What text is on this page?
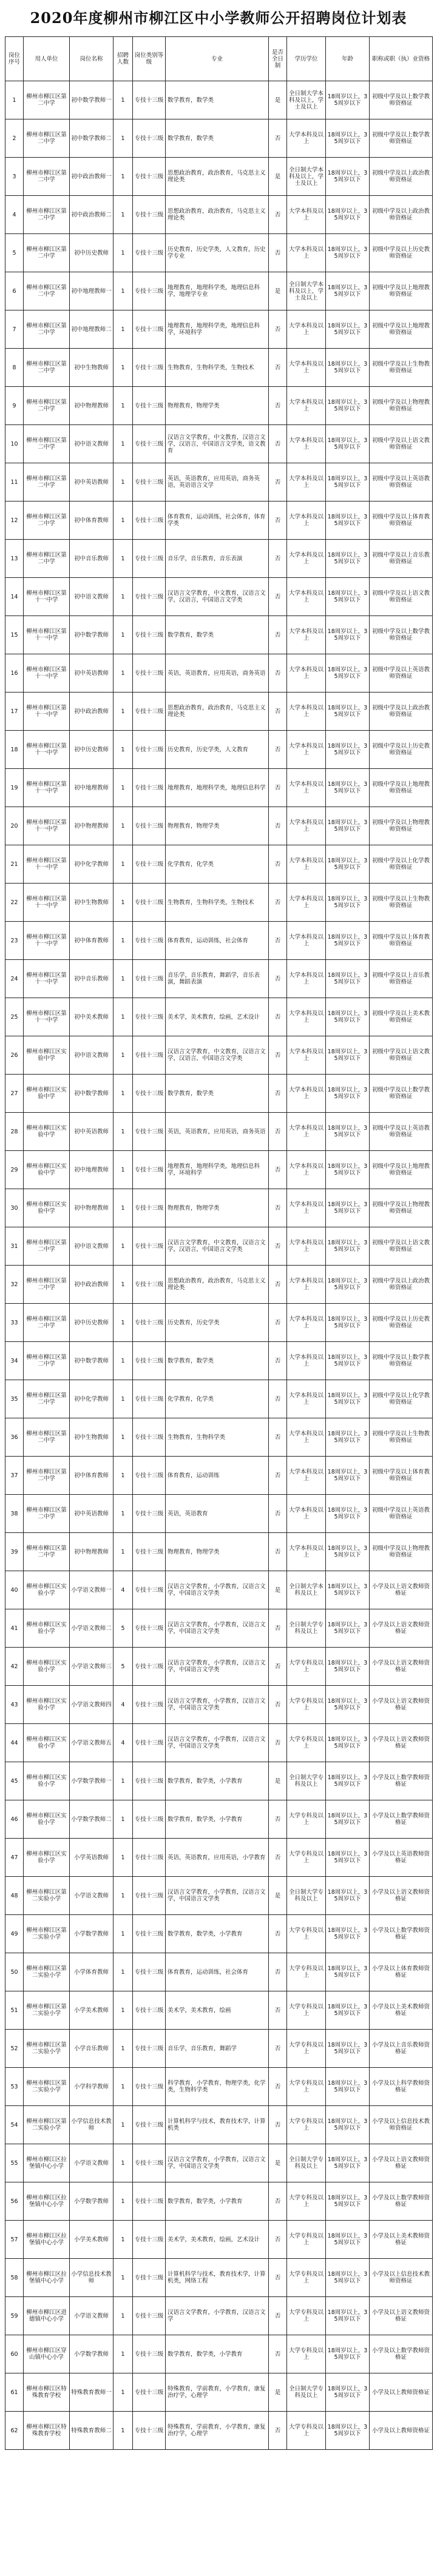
2020年度柳州市柳江区中小学教师公开招聘岗位计划表
岗位序号	用人单位	岗位名称	招聘人数	岗位类别等级	专业	是否全日制	学历学位	年龄	职称或职（执）业资格
1	柳州市柳江区第二中学	初中数学教师一	1	专技十三级	数学教育，数学类	是	全日制大学本科及以上，学士及以上	18周岁以上，35周岁以下	初级中学及以上数学教师资格证
2	柳州市柳江区第二中学	初中数学教师二	1	专技十三级	数学教育，数学类	否	大学本科及以上	18周岁以上，35周岁以下	初级中学及以上数学教师资格证
3	柳州市柳江区第二中学	初中政治教师一	1	专技十三级	思想政治教育，政治教育，马克思主义理论类	是	全日制大学本科及以上，学士及以上	18周岁以上，35周岁以下	初级中学及以上政治教师资格证
4	柳州市柳江区第二中学	初中政治教师二	1	专技十三级	思想政治教育，政治教育，马克思主义理论类	否	大学本科及以上	18周岁以上，35周岁以下	初级中学及以上政治教师资格证
5	柳州市柳江区第二中学	初中历史教师	1	专技十三级	历史教育，历史学类，人文教育，历史学专业	否	大学本科及以上	18周岁以上，35周岁以下	初级中学及以上历史教师资格证
6	柳州市柳江区第二中学	初中地理教师一	1	专技十三级	地理教育，地理科学类，地理信息科学，地理学专业	是	全日制大学本科及以上，学士及以上	18周岁以上，35周岁以下	初级中学及以上地理教师资格证
7	柳州市柳江区第二中学	初中地理教师二	1	专技十三级	地理教育，地理科学类，地理信息科学，环境科学	否	大学本科及以上	18周岁以上，35周岁以下	初级中学及以上地理教师资格证
8	柳州市柳江区第二中学	初中生物教师	1	专技十三级	生物教育，生物科学类，生物技术	否	大学本科及以上	18周岁以上，35周岁以下	初级中学及以上生物教师资格证
9	柳州市柳江区第二中学	初中物理教师	1	专技十三级	物理教育，物理学类	否	大学本科及以上	18周岁以上，35周岁以下	初级中学及以上物理教师资格证
10	柳州市柳江区第二中学	初中语文教师	1	专技十三级	汉语言文学教育，中文教育，汉语言文学，汉语言，中国语言文学类，语文教育	否	大学本科及以上	18周岁以上，35周岁以下	初级中学及以上语文教师资格证
11	柳州市柳江区第二中学	初中英语教师	1	专技十三级	英语，英语教育，应用英语，商务英语，英语语言文学	否	大学本科及以上	18周岁以上，35周岁以下	初级中学及以上英语教师资格证
12	柳州市柳江区第二中学	初中体育教师	1	专技十三级	体育教育，运动训练，社会体育，体育学类	否	大学本科及以上	18周岁以上，35周岁以下	初级中学及以上体育教师资格证
13	柳州市柳江区第二中学	初中音乐教师	1	专技十三级	音乐学，音乐教育，音乐表演	否	大学本科及以上	18周岁以上，35周岁以下	初级中学及以上音乐教师资格证
14	柳州市柳江区第十一中学	初中语文教师	1	专技十三级	汉语言文学教育，中文教育，汉语言文学，汉语言，中国语言文学类	否	大学本科及以上	18周岁以上，35周岁以下	初级中学及以上语文教师资格证
15	柳州市柳江区第十一中学	初中数学教师	1	专技十三级	数学教育，数学类	否	大学本科及以上	18周岁以上，35周岁以下	初级中学及以上数学教师资格证
16	柳州市柳江区第十一中学	初中英语教师	1	专技十三级	英语，英语教育，应用英语，商务英语	否	大学本科及以上	18周岁以上，35周岁以下	初级中学及以上英语教师资格证
17	柳州市柳江区第十一中学	初中政治教师	1	专技十三级	思想政治教育，政治教育，马克思主义理论类	否	大学本科及以上	18周岁以上，35周岁以下	初级中学及以上政治教师资格证
18	柳州市柳江区第十一中学	初中历史教师	1	专技十三级	历史教育，历史学类，人文教育	否	大学本科及以上	18周岁以上，35周岁以下	初级中学及以上历史教师资格证
19	柳州市柳江区第十一中学	初中地理教师	1	专技十三级	地理教育，地理科学类，地理信息科学	否	大学本科及以上	18周岁以上，35周岁以下	初级中学及以上地理教师资格证
20	柳州市柳江区第十一中学	初中物理教师	1	专技十三级	物理教育，物理学类	否	大学本科及以上	18周岁以上，35周岁以下	初级中学及以上物理教师资格证
21	柳州市柳江区第十一中学	初中化学教师	1	专技十三级	化学教育，化学类	否	大学本科及以上	18周岁以上，35周岁以下	初级中学及以上化学教师资格证
22	柳州市柳江区第十一中学	初中生物教师	1	专技十三级	生物教育，生物科学类，生物技术	否	大学本科及以上	18周岁以上，35周岁以下	初级中学及以上生物教师资格证
23	柳州市柳江区第十一中学	初中体育教师	1	专技十三级	体育教育，运动训练，社会体育	否	大学本科及以上	18周岁以上，35周岁以下	初级中学及以上体育教师资格证
24	柳州市柳江区第十一中学	初中音乐教师	1	专技十三级	音乐学，音乐教育，舞蹈学，音乐表演，舞蹈表演	否	大学本科及以上	18周岁以上，35周岁以下	初级中学及以上音乐教师资格证
25	柳州市柳江区第十一中学	初中美术教师	1	专技十三级	美术学，美术教育，绘画，艺术设计	否	大学本科及以上	18周岁以上，35周岁以下	初级中学及以上美术教师资格证
26	柳州市柳江区实验中学	初中语文教师	1	专技十三级	汉语言文学教育，中文教育，汉语言文学，汉语言，中国语言文学类	否	大学本科及以上	18周岁以上，35周岁以下	初级中学及以上语文教师资格证
27	柳州市柳江区实验中学	初中数学教师	1	专技十三级	数学教育，数学类	否	大学本科及以上	18周岁以上，35周岁以下	初级中学及以上数学教师资格证
28	柳州市柳江区实验中学	初中英语教师	1	专技十三级	英语，英语教育，应用英语，商务英语	否	大学本科及以上	18周岁以上，35周岁以下	初级中学及以上英语教师资格证
29	柳州市柳江区实验中学	初中地理教师	1	专技十三级	地理教育，地理科学类，地理信息科学，环境科学	否	大学本科及以上	18周岁以上，35周岁以下	初级中学及以上地理教师资格证
30	柳州市柳江区实验中学	初中物理教师	1	专技十三级	物理教育，物理学类	否	大学本科及以上	18周岁以上，35周岁以下	初级中学及以上物理教师资格证
31	柳州市柳江区第二中学	初中语文教师	1	专技十三级	汉语言文学教育，中文教育，汉语言文学，汉语言，中国语言文学类	否	大学本科及以上	18周岁以上，35周岁以下	初级中学及以上语文教师资格证
32	柳州市柳江区第二中学	初中政治教师	1	专技十三级	思想政治教育，政治教育，马克思主义理论类	否	大学本科及以上	18周岁以上，35周岁以下	初级中学及以上政治教师资格证
33	柳州市柳江区第二中学	初中历史教师	1	专技十三级	历史教育，历史学类	否	大学本科及以上	18周岁以上，35周岁以下	初级中学及以上历史教师资格证
34	柳州市柳江区第二中学	初中数学教师	1	专技十三级	数学教育，数学类	否	大学本科及以上	18周岁以上，35周岁以下	初级中学及以上数学教师资格证
35	柳州市柳江区第二中学	初中化学教师	1	专技十三级	化学教育，化学类	否	大学本科及以上	18周岁以上，35周岁以下	初级中学及以上化学教师资格证
36	柳州市柳江区第二中学	初中生物教师	1	专技十三级	生物教育，生物科学类	否	大学本科及以上	18周岁以上，35周岁以下	初级中学及以上生物教师资格证
37	柳州市柳江区第二中学	初中体育教师	1	专技十三级	体育教育，运动训练	否	大学本科及以上	18周岁以上，35周岁以下	初级中学及以上体育教师资格证
38	柳州市柳江区第二中学	初中英语教师	1	专技十三级	英语，英语教育	否	大学本科及以上	18周岁以上，35周岁以下	初级中学及以上英语教师资格证
39	柳州市柳江区第二中学	初中物理教师	1	专技十三级	物理教育，物理学类	否	大学本科及以上	18周岁以上，35周岁以下	初级中学及以上物理教师资格证
40	柳州市柳江区实验小学	小学语文教师一	4	专技十三级	汉语言文学教育，小学教育，汉语言文学，中国语言文学类	是	全日制大学本科及以上	18周岁以上，35周岁以下	小学及以上语文教师资格证
41	柳州市柳江区实验小学	小学语文教师二	5	专技十三级	汉语言文学教育，小学教育，汉语言文学，中国语言文学类	否	全日制大学专科及以上	18周岁以上，35周岁以下	小学及以上语文教师资格证
42	柳州市柳江区实验小学	小学语文教师三	5	专技十三级	汉语言文学教育，小学教育，汉语言文学，中国语言文学类	否	大学专科及以上	18周岁以上，35周岁以下	小学及以上语文教师资格证
43	柳州市柳江区实验小学	小学语文教师四	4	专技十三级	汉语言文学教育，小学教育，汉语言文学，中国语言文学类	否	大学专科及以上	18周岁以上，35周岁以下	小学及以上语文教师资格证
44	柳州市柳江区实验小学	小学语文教师五	4	专技十三级	汉语言文学教育，小学教育，汉语言文学，中国语言文学类	否	大学专科及以上	18周岁以上，35周岁以下	小学及以上语文教师资格证
45	柳州市柳江区实验小学	小学数学教师一	1	专技十三级	数学教育，数学类，小学教育	是	全日制大学专科及以上	18周岁以上，35周岁以下	小学及以上数学教师资格证
46	柳州市柳江区实验小学	小学数学教师二	1	专技十三级	数学教育，数学类，小学教育	否	大学专科及以上	18周岁以上，35周岁以下	小学及以上数学教师资格证
47	柳州市柳江区实验小学	小学英语教师	1	专技十三级	英语，英语教育，应用英语，小学教育	否	大学专科及以上	18周岁以上，35周岁以下	小学及以上英语教师资格证
48	柳州市柳江区第二实验小学	小学语文教师	1	专技十三级	汉语言文学教育，小学教育，汉语言文学，中国语言文学类	是	全日制大学专科及以上	18周岁以上，35周岁以下	小学及以上语文教师资格证
49	柳州市柳江区第二实验小学	小学数学教师	1	专技十三级	数学教育，数学类，小学教育	否	大学专科及以上	18周岁以上，35周岁以下	小学及以上数学教师资格证
50	柳州市柳江区第二实验小学	小学体育教师	1	专技十三级	体育教育，运动训练，社会体育	否	大学专科及以上	18周岁以上，35周岁以下	小学及以上体育教师资格证
51	柳州市柳江区第二实验小学	小学美术教师	1	专技十三级	美术学，美术教育，绘画	否	大学专科及以上	18周岁以上，35周岁以下	小学及以上美术教师资格证
52	柳州市柳江区第二实验小学	小学音乐教师	1	专技十三级	音乐学，音乐教育，舞蹈学	否	大学专科及以上	18周岁以上，35周岁以下	小学及以上音乐教师资格证
53	柳州市柳江区第二实验小学	小学科学教师	1	专技十三级	科学教育，小学教育，物理学类，化学类，生物科学类	否	大学专科及以上	18周岁以上，35周岁以下	小学及以上科学教师资格证
54	柳州市柳江区第二实验小学	小学信息技术教师	1	专技十三级	计算机科学与技术，教育技术学，计算机类	否	大学专科及以上	18周岁以上，35周岁以下	小学及以上信息技术教师资格证
55	柳州市柳江区拉堡镇中心小学	小学语文教师	1	专技十三级	汉语言文学教育，小学教育，汉语言文学，中国语言文学类	是	全日制大学专科及以上	18周岁以上，35周岁以下	小学及以上语文教师资格证
56	柳州市柳江区拉堡镇中心小学	小学数学教师	1	专技十三级	数学教育，数学类，小学教育	否	大学专科及以上	18周岁以上，35周岁以下	小学及以上数学教师资格证
57	柳州市柳江区拉堡镇中心小学	小学美术教师	1	专技十三级	美术学，美术教育，绘画，艺术设计	否	大学专科及以上	18周岁以上，35周岁以下	小学及以上美术教师资格证
58	柳州市柳江区拉堡镇中心小学	小学信息技术教师	1	专技十三级	计算机科学与技术，教育技术学，计算机类，网络工程	否	大学专科及以上	18周岁以上，35周岁以下	小学及以上信息技术教师资格证
59	柳州市柳江区进德镇中心小学	小学语文教师	1	专技十三级	汉语言文学教育，小学教育，汉语言文学	否	大学专科及以上	18周岁以上，35周岁以下	小学及以上语文教师资格证
60	柳州市柳江区穿山镇中心小学	小学数学教师	1	专技十三级	数学教育，数学类，小学教育	否	大学专科及以上	18周岁以上，35周岁以下	小学及以上数学教师资格证
61	柳州市柳江区特殊教育学校	特殊教育教师一	1	专技十三级	特殊教育，学前教育，小学教育，康复治疗学，心理学	是	全日制大学专科及以上	18周岁以上，35周岁以下	小学及以上教师资格证
62	柳州市柳江区特殊教育学校	特殊教育教师二	1	专技十三级	特殊教育，学前教育，小学教育，康复治疗学，心理学	否	大学专科及以上	18周岁以上，35周岁以下	小学及以上教师资格证
